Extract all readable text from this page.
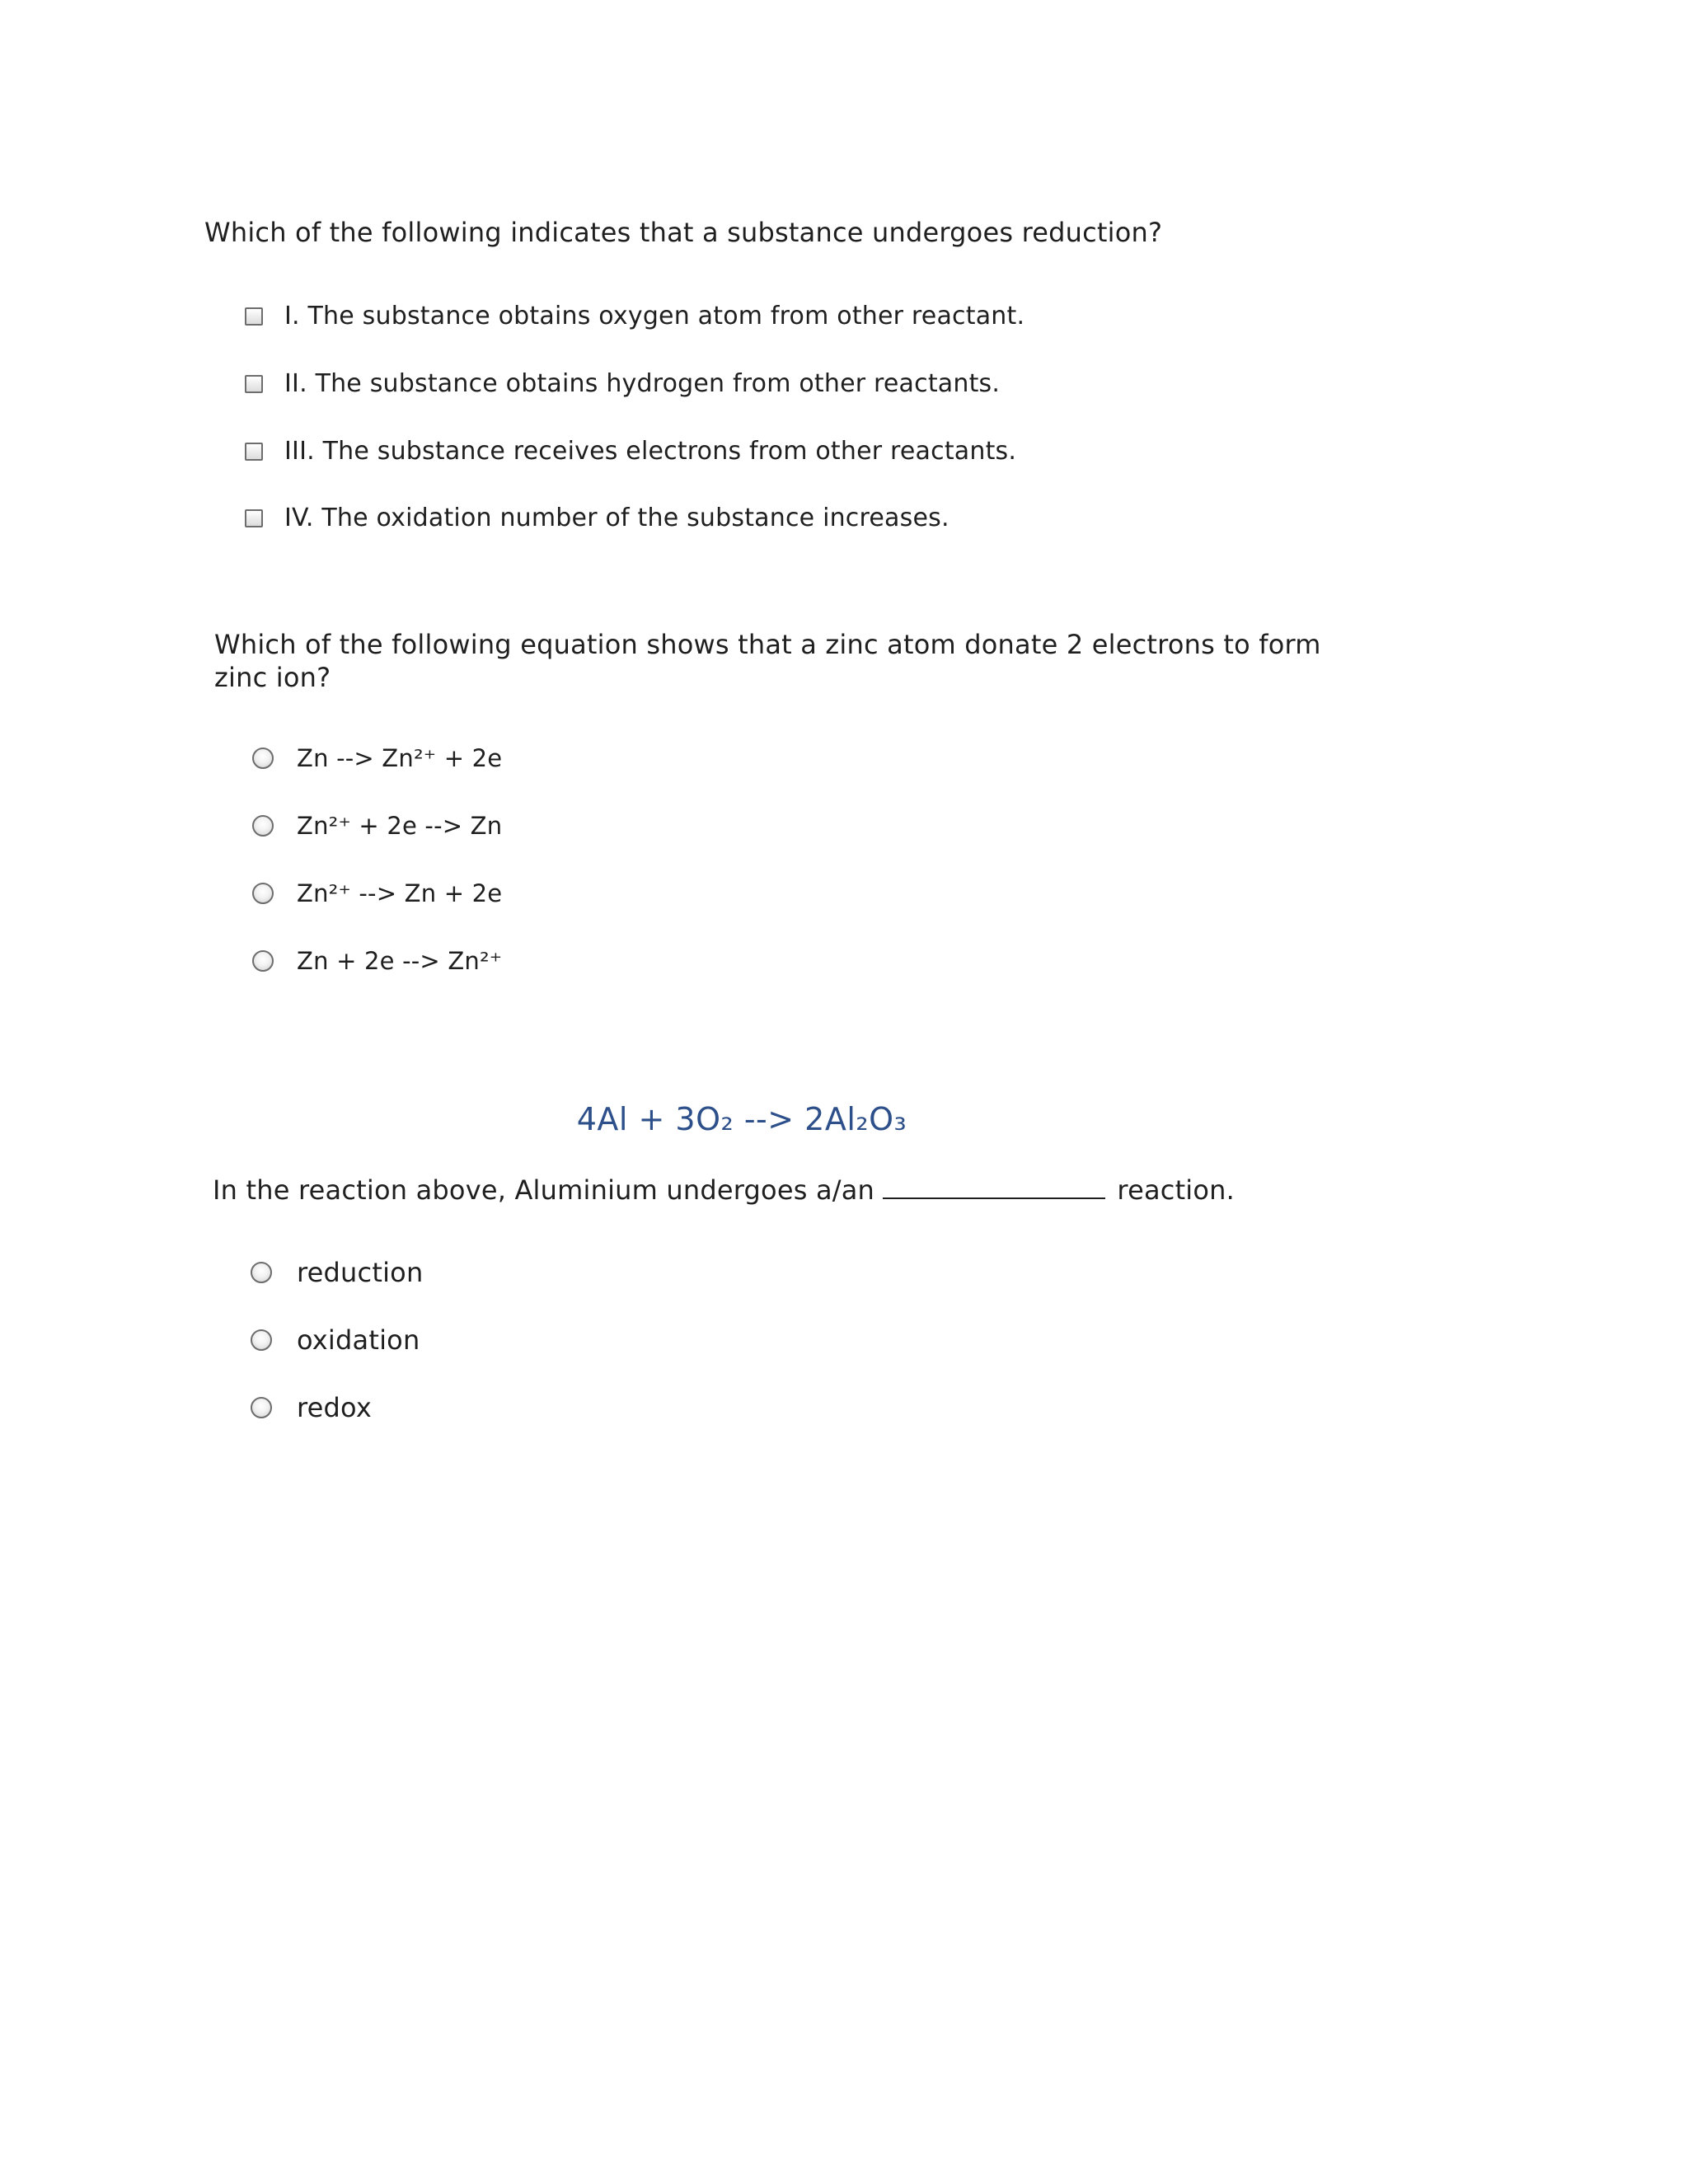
Which of the following indicates that a substance undergoes reduction?

I. The substance obtains oxygen atom from other reactant.
II. The substance obtains hydrogen from other reactants.
III. The substance receives electrons from other reactants.
IV. The oxidation number of the substance increases.

Which of the following equation shows that a zinc atom donate 2 electrons to form

zinc ion?

Zn --> Zn²⁺ + 2e
Zn²⁺ + 2e --> Zn
Zn²⁺ --> Zn + 2e
Zn + 2e --> Zn²⁺
4Al + 3O₂ --> 2Al₂O₃

In the reaction above, Aluminium undergoes a/an	reaction.

reduction
oxidation
redox
